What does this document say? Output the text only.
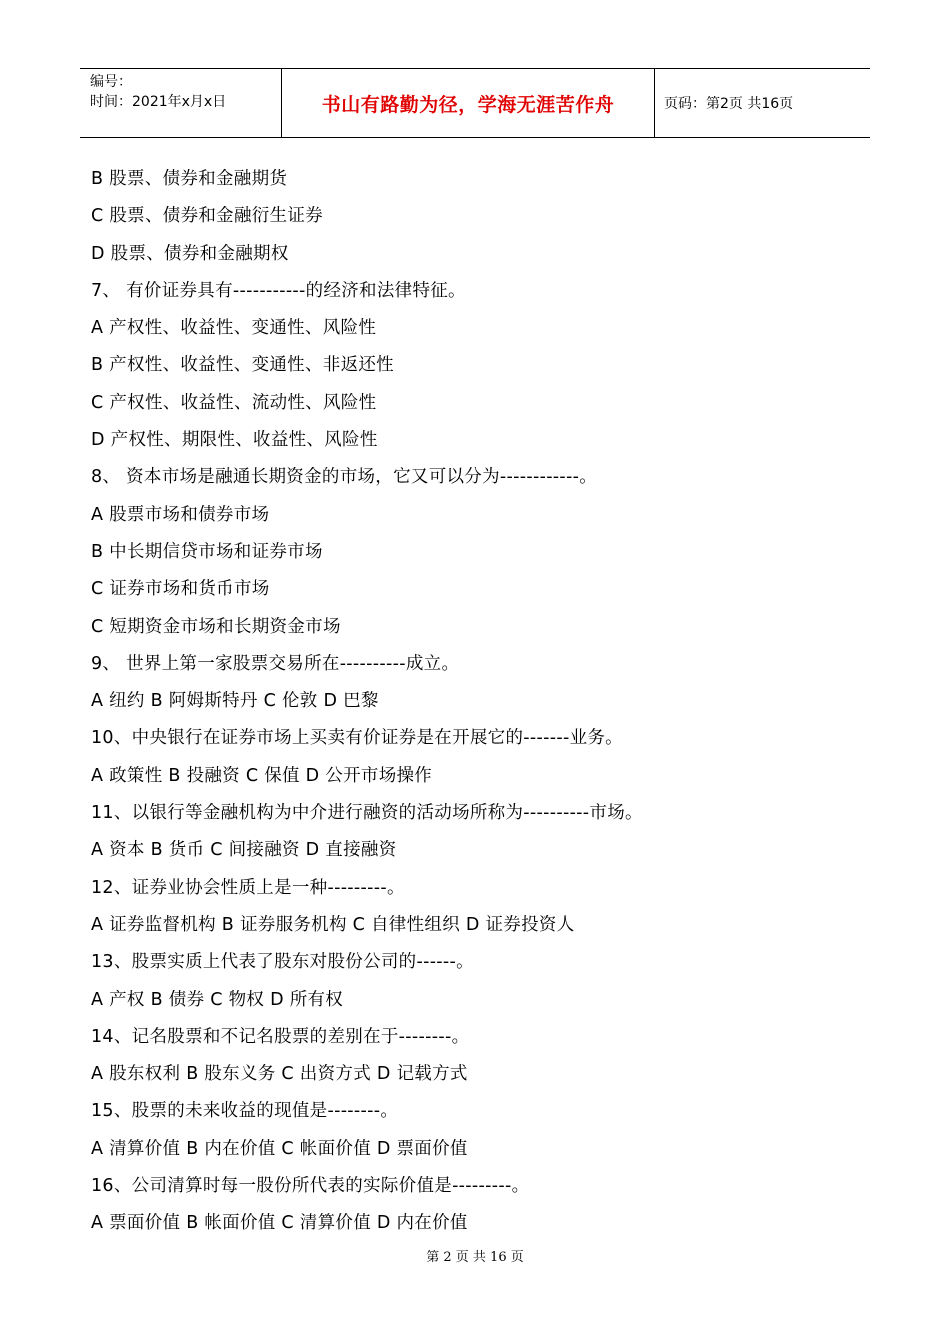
编号：
时间：2021年x月x日	书山有路勤为径，学海无涯苦作舟	页码：第2页 共16页
B 股票、债券和金融期货
C 股票、债券和金融衍生证券
D 股票、债券和金融期权
7、 有价证券具有-----------的经济和法律特征。
A 产权性、收益性、变通性、风险性
B 产权性、收益性、变通性、非返还性
C 产权性、收益性、流动性、风险性
D 产权性、期限性、收益性、风险性
8、 资本市场是融通长期资金的市场，它又可以分为------------。
A 股票市场和债券市场
B 中长期信贷市场和证券市场
C 证券市场和货币市场
C 短期资金市场和长期资金市场
9、 世界上第一家股票交易所在----------成立。
A 纽约 B 阿姆斯特丹 C 伦敦 D 巴黎
10、中央银行在证券市场上买卖有价证券是在开展它的-------业务。
A 政策性 B 投融资 C 保值 D 公开市场操作
11、以银行等金融机构为中介进行融资的活动场所称为----------市场。
A 资本 B 货币 C 间接融资 D 直接融资
12、证券业协会性质上是一种---------。
A 证券监督机构 B 证券服务机构 C 自律性组织 D 证券投资人
13、股票实质上代表了股东对股份公司的------。
A 产权 B 债券 C 物权 D 所有权
14、记名股票和不记名股票的差别在于--------。
A 股东权利 B 股东义务 C 出资方式 D 记载方式
15、股票的未来收益的现值是--------。
A 清算价值 B 内在价值 C 帐面价值 D 票面价值
16、公司清算时每一股份所代表的实际价值是---------。
A 票面价值 B 帐面价值 C 清算价值 D 内在价值
第 2 页 共 16 页
